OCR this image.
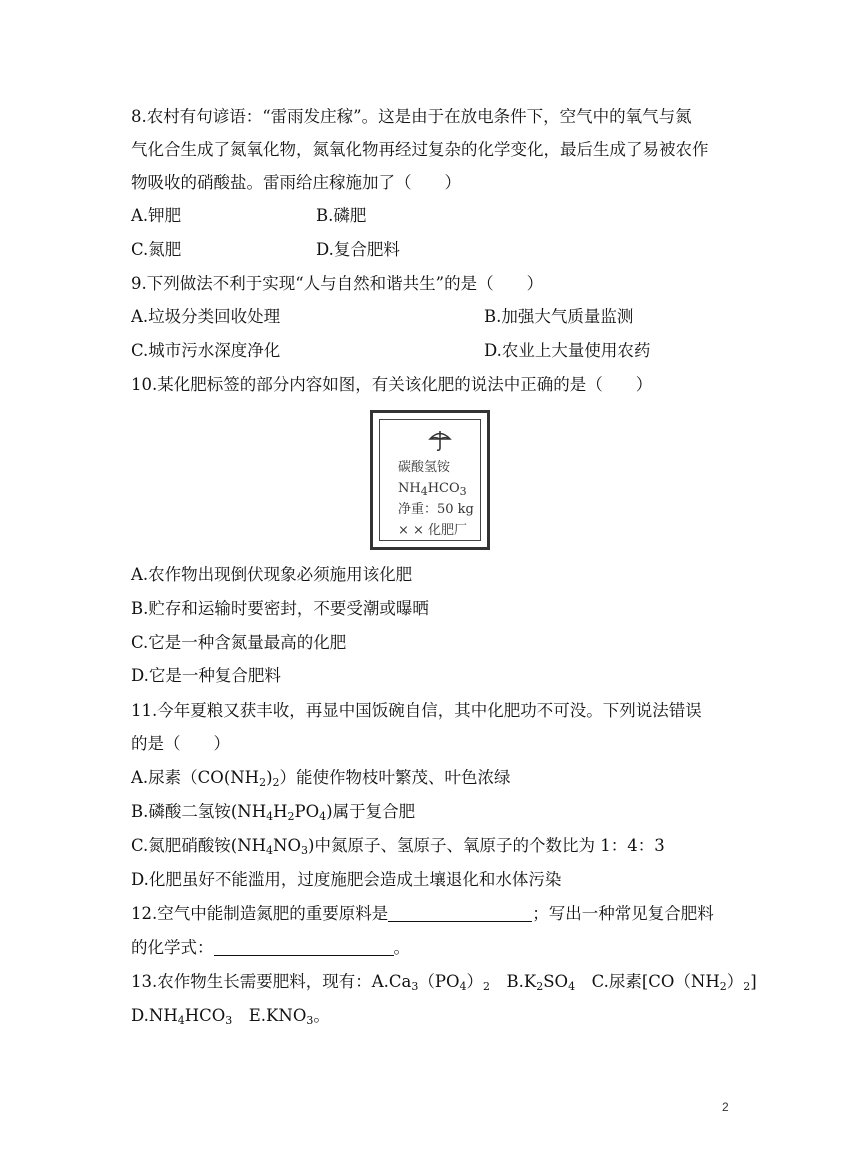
8.农村有句谚语：“雷雨发庄稼”。这是由于在放电条件下，空气中的氧气与氮
气化合生成了氮氧化物，氮氧化物再经过复杂的化学变化，最后生成了易被农作
物吸收的硝酸盐。雷雨给庄稼施加了（　　）
A.钾肥	B.磷肥
C.氮肥	D.复合肥料
9.下列做法不利于实现“人与自然和谐共生”的是（　　）
A.垃圾分类回收处理	B.加强大气质量监测
C.城市污水深度净化	D.农业上大量使用农药
10.某化肥标签的部分内容如图，有关该化肥的说法中正确的是（　　）
碳酸氢铵
$NH_4HCO_3$
净重：50 kg
× × 化肥厂
A.农作物出现倒伏现象必须施用该化肥
B.贮存和运输时要密封，不要受潮或曝晒
C.它是一种含氮量最高的化肥
D.它是一种复合肥料
11.今年夏粮又获丰收，再显中国饭碗自信，其中化肥功不可没。下列说法错误
的是（　　）
A.尿素$(CO(NH_2)_2)$能使作物枝叶繁茂、叶色浓绿
B.磷酸二氢铵$(NH_4H_2PO_4)$属于复合肥
C.氮肥硝酸铵$(NH_4NO_3)$中氮原子、氢原子、氧原子的个数比为 1：4：3
D.化肥虽好不能滥用，过度施肥会造成土壤退化和水体污染
12.空气中能制造氮肥的重要原料是	；写出一种常见复合肥料
的化学式：	。
13.农作物生长需要肥料，现有：$A.Ca_3(PO_4)_2$　$B.K_2SO_4$　C.尿素$[CO(NH_2)_2]$
$D.NH_4HCO_3$　$E.KNO_3$。
2
